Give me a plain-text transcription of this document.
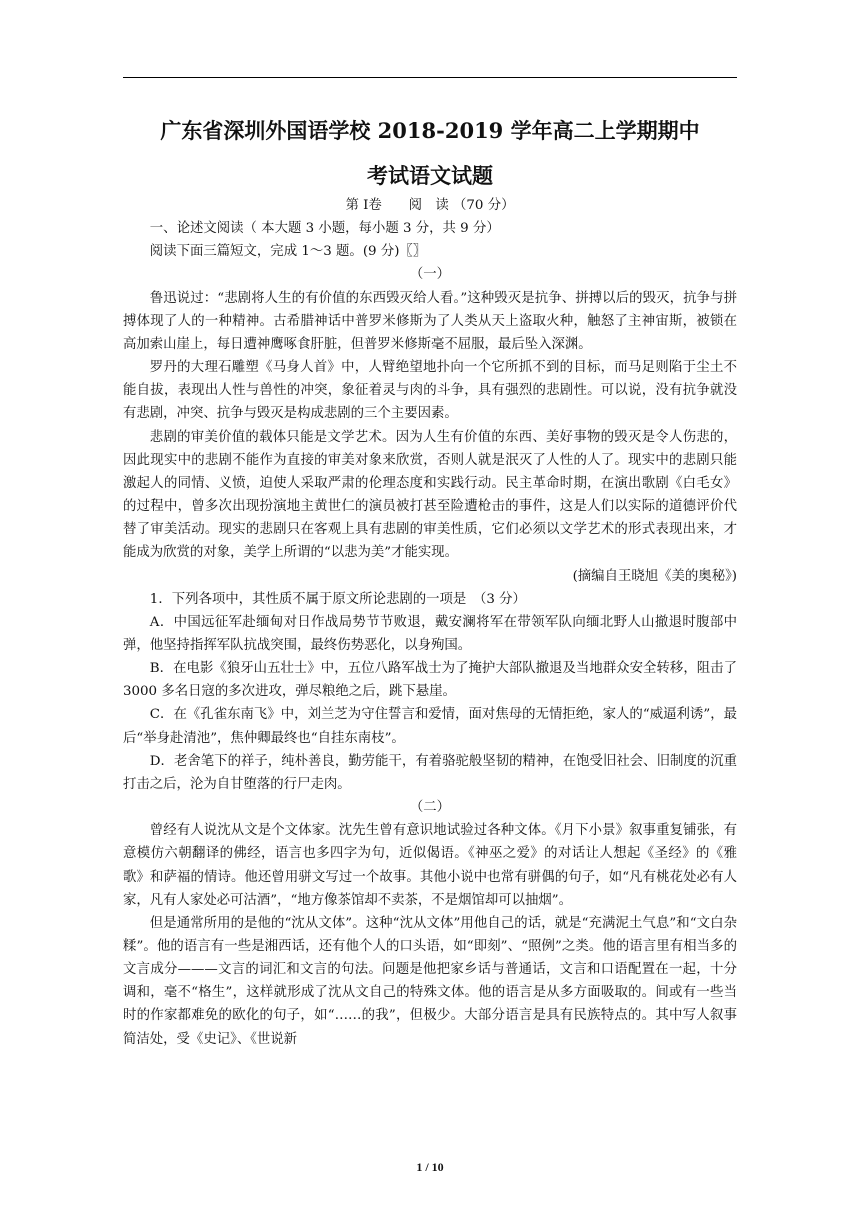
广东省深圳外国语学校 2018-2019 学年高二上学期期中
考试语文试题

第 Ⅰ卷　　阅　读 （70 分）

一、论述文阅读（ 本大题 3 小题，每小题 3 分，共 9 分）

阅读下面三篇短文，完成 1～3 题。(9 分)〖〗

（一）

鲁迅说过：“悲剧将人生的有价值的东西毁灭给人看。”这种毁灭是抗争、拼搏以后的毁灭，抗争与拼搏体现了人的一种精神。古希腊神话中普罗米修斯为了人类从天上盗取火种，触怒了主神宙斯，被锁在高加索山崖上，每日遭神鹰啄食肝脏，但普罗米修斯毫不屈服，最后坠入深渊。

罗丹的大理石雕塑《马身人首》中，人臂绝望地扑向一个它所抓不到的目标，而马足则陷于尘土不能自拔，表现出人性与兽性的冲突，象征着灵与肉的斗争，具有强烈的悲剧性。可以说，没有抗争就没有悲剧，冲突、抗争与毁灭是构成悲剧的三个主要因素。

悲剧的审美价值的载体只能是文学艺术。因为人生有价值的东西、美好事物的毁灭是令人伤悲的，因此现实中的悲剧不能作为直接的审美对象来欣赏，否则人就是泯灭了人性的人了。现实中的悲剧只能激起人的同情、义愤，迫使人采取严肃的伦理态度和实践行动。民主革命时期，在演出歌剧《白毛女》的过程中，曾多次出现扮演地主黄世仁的演员被打甚至险遭枪击的事件，这是人们以实际的道德评价代替了审美活动。现实的悲剧只在客观上具有悲剧的审美性质，它们必须以文学艺术的形式表现出来，才能成为欣赏的对象，美学上所谓的“以悲为美”才能实现。

(摘编自王晓旭《美的奥秘》)

1．下列各项中，其性质不属于原文所论悲剧的一项是　（3 分）

A．中国远征军赴缅甸对日作战局势节节败退，戴安澜将军在带领军队向缅北野人山撤退时腹部中弹，他坚持指挥军队抗战突围，最终伤势恶化，以身殉国。

B．在电影《狼牙山五壮士》中，五位八路军战士为了掩护大部队撤退及当地群众安全转移，阻击了 3000 多名日寇的多次进攻，弹尽粮绝之后，跳下悬崖。

C．在《孔雀东南飞》中，刘兰芝为守住誓言和爱情，面对焦母的无情拒绝，家人的“威逼利诱”，最后“举身赴清池”，焦仲卿最终也“自挂东南枝”。

D．老舍笔下的祥子，纯朴善良，勤劳能干，有着骆驼般坚韧的精神，在饱受旧社会、旧制度的沉重打击之后，沦为自甘堕落的行尸走肉。

（二）

曾经有人说沈从文是个文体家。沈先生曾有意识地试验过各种文体。《月下小景》叙事重复铺张，有意模仿六朝翻译的佛经，语言也多四字为句，近似偈语。《神巫之爱》的对话让人想起《圣经》的《雅歌》和萨福的情诗。他还曾用骈文写过一个故事。其他小说中也常有骈偶的句子，如“凡有桃花处必有人家，凡有人家处必可沽酒”，“地方像茶馆却不卖茶，不是烟馆却可以抽烟”。

但是通常所用的是他的“沈从文体”。这种“沈从文体”用他自己的话，就是“充满泥土气息”和“文白杂糅”。他的语言有一些是湘西话，还有他个人的口头语，如“即刻”、“照例”之类。他的语言里有相当多的文言成分———文言的词汇和文言的句法。问题是他把家乡话与普通话，文言和口语配置在一起，十分调和，毫不“格生”，这样就形成了沈从文自己的特殊文体。他的语言是从多方面吸取的。间或有一些当时的作家都难免的欧化的句子，如“……的我”，但极少。大部分语言是具有民族特点的。其中写人叙事简洁处，受《史记》、《世说新

1 / 10
